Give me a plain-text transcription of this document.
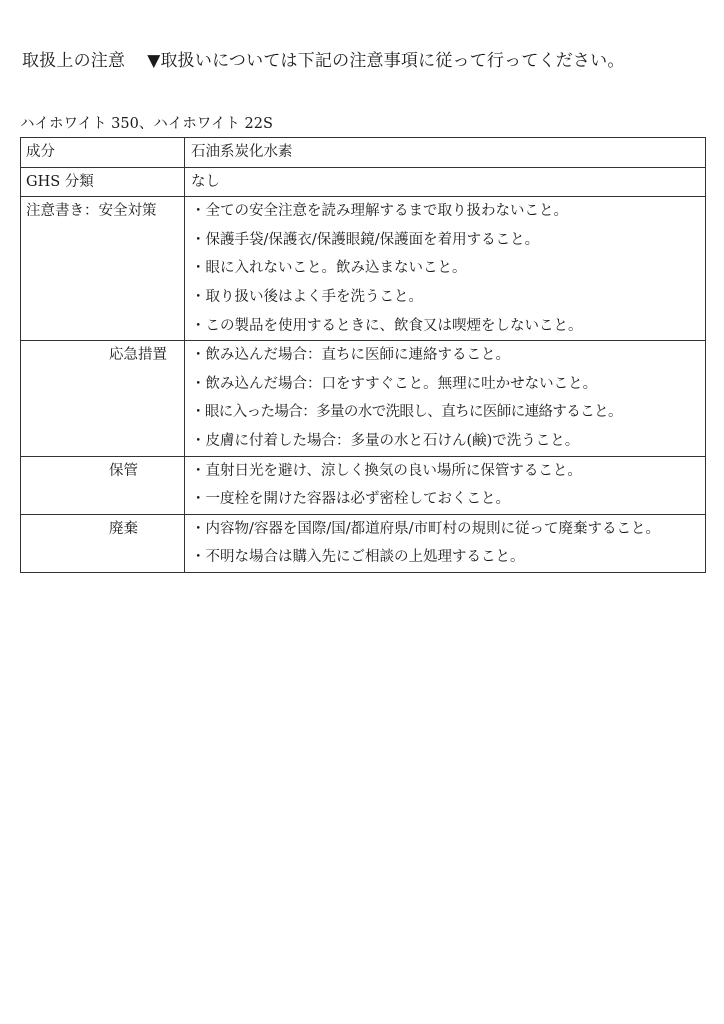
取扱上の注意 ▼取扱いについては下記の注意事項に従って行ってください。
ハイホワイト 350、ハイホワイト 22S
成分	石油系炭化水素

GHS 分類	なし

注意書き：安全対策	・全ての安全注意を読み理解するまで取り扱わないこと。
・保護手袋/保護衣/保護眼鏡/保護面を着用すること。
・眼に入れないこと。飲み込まないこと。
・取り扱い後はよく手を洗うこと。
・この製品を使用するときに、飲食又は喫煙をしないこと。

応急措置	・飲み込んだ場合：直ちに医師に連絡すること。
・飲み込んだ場合：口をすすぐこと。無理に吐かせないこと。
・眼に入った場合：多量の水で洗眼し、直ちに医師に連絡すること。
・皮膚に付着した場合：多量の水と石けん(鹸)で洗うこと。

保管	・直射日光を避け、涼しく換気の良い場所に保管すること。
・一度栓を開けた容器は必ず密栓しておくこと。

廃棄	・内容物/容器を国際/国/都道府県/市町村の規則に従って廃棄すること。
・不明な場合は購入先にご相談の上処理すること。
